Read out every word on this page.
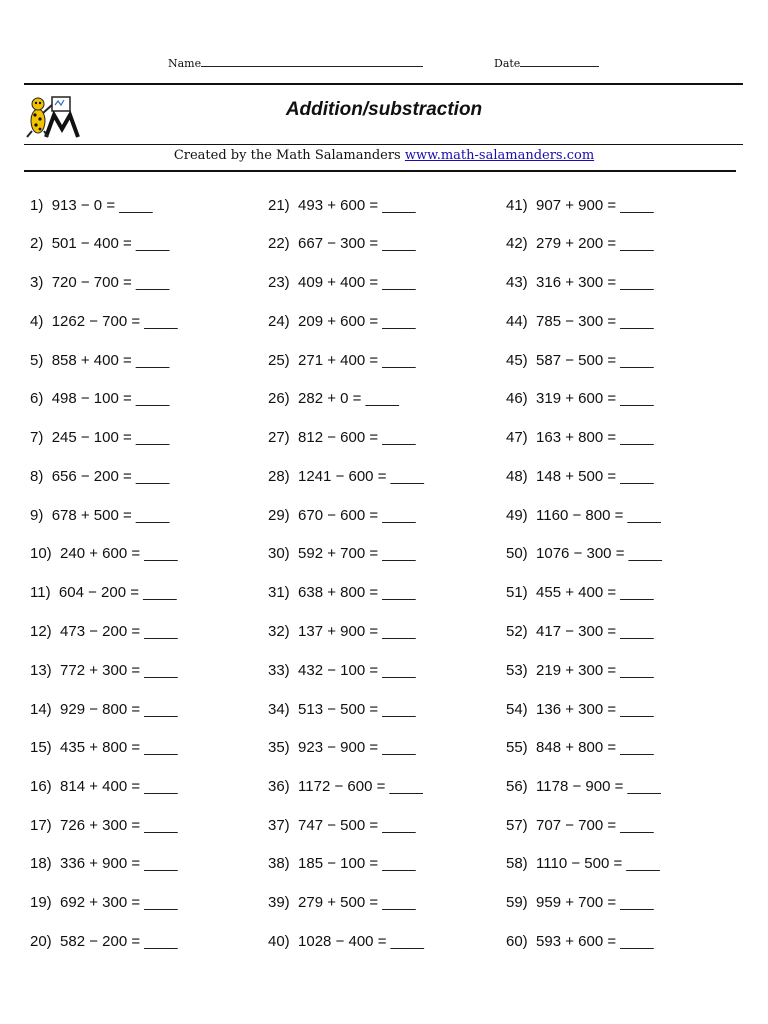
Name	Date
Addition/substraction
Created by the Math Salamanders www.math-salamanders.com
1) 913 − 0 = ____
2) 501 − 400 = ____
3) 720 − 700 = ____
4) 1262 − 700 = ____
5) 858 + 400 = ____
6) 498 − 100 = ____
7) 245 − 100 = ____
8) 656 − 200 = ____
9) 678 + 500 = ____
10) 240 + 600 = ____
11) 604 − 200 = ____
12) 473 − 200 = ____
13) 772 + 300 = ____
14) 929 − 800 = ____
15) 435 + 800 = ____
16) 814 + 400 = ____
17) 726 + 300 = ____
18) 336 + 900 = ____
19) 692 + 300 = ____
20) 582 − 200 = ____
21) 493 + 600 = ____
22) 667 − 300 = ____
23) 409 + 400 = ____
24) 209 + 600 = ____
25) 271 + 400 = ____
26) 282 + 0 = ____
27) 812 − 600 = ____
28) 1241 − 600 = ____
29) 670 − 600 = ____
30) 592 + 700 = ____
31) 638 + 800 = ____
32) 137 + 900 = ____
33) 432 − 100 = ____
34) 513 − 500 = ____
35) 923 − 900 = ____
36) 1172 − 600 = ____
37) 747 − 500 = ____
38) 185 − 100 = ____
39) 279 + 500 = ____
40) 1028 − 400 = ____
41) 907 + 900 = ____
42) 279 + 200 = ____
43) 316 + 300 = ____
44) 785 − 300 = ____
45) 587 − 500 = ____
46) 319 + 600 = ____
47) 163 + 800 = ____
48) 148 + 500 = ____
49) 1160 − 800 = ____
50) 1076 − 300 = ____
51) 455 + 400 = ____
52) 417 − 300 = ____
53) 219 + 300 = ____
54) 136 + 300 = ____
55) 848 + 800 = ____
56) 1178 − 900 = ____
57) 707 − 700 = ____
58) 1110 − 500 = ____
59) 959 + 700 = ____
60) 593 + 600 = ____
